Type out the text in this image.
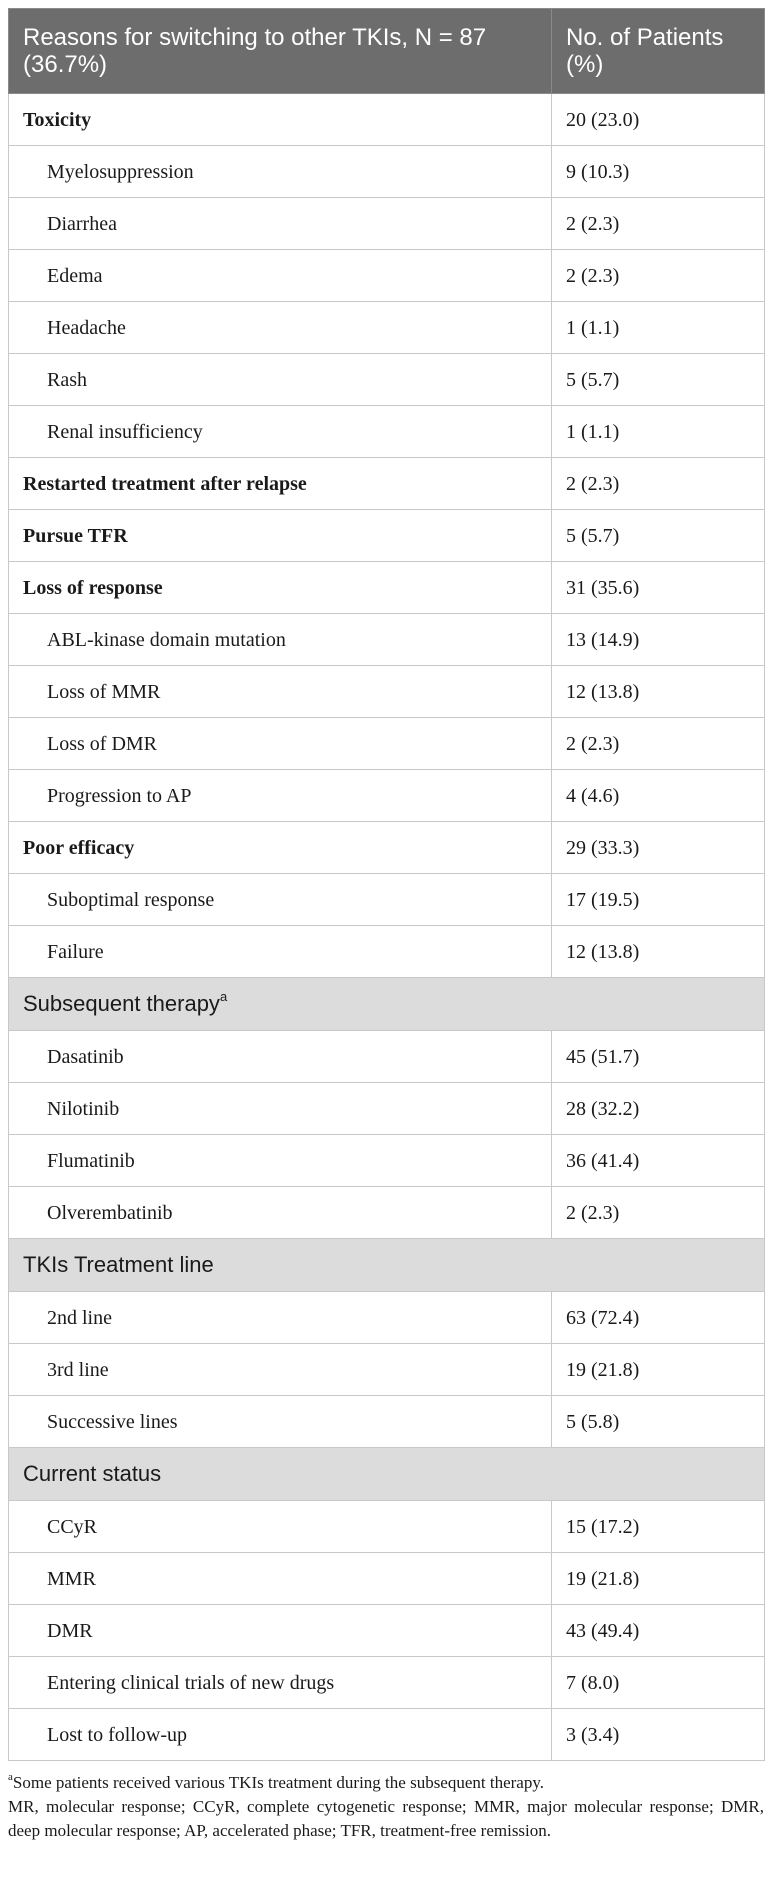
Reasons for switching to other TKIs, N = 87 (36.7%)	No. of Patients (%)
Toxicity	20 (23.0)
Myelosuppression	9 (10.3)
Diarrhea	2 (2.3)
Edema	2 (2.3)
Headache	1 (1.1)
Rash	5 (5.7)
Renal insufficiency	1 (1.1)
Restarted treatment after relapse	2 (2.3)
Pursue TFR	5 (5.7)
Loss of response	31 (35.6)
ABL-kinase domain mutation	13 (14.9)
Loss of MMR	12 (13.8)
Loss of DMR	2 (2.3)
Progression to AP	4 (4.6)
Poor efficacy	29 (33.3)
Suboptimal response	17 (19.5)
Failure	12 (13.8)
Subsequent therapy$^a$
Dasatinib	45 (51.7)
Nilotinib	28 (32.2)
Flumatinib	36 (41.4)
Olverembatinib	2 (2.3)
TKIs Treatment line	
2nd line	63 (72.4)
3rd line	19 (21.8)
Successive lines	5 (5.8)
Current status	
CCyR	15 (17.2)
MMR	19 (21.8)
DMR	43 (49.4)
Entering clinical trials of new drugs	7 (8.0)
Lost to follow-up	3 (3.4)

$^a$Some patients received various TKIs treatment during the subsequent therapy.

MR, molecular response; CCyR, complete cytogenetic response; MMR, major molecular response; DMR, deep molecular response; AP, accelerated phase; TFR, treatment-free remission.
